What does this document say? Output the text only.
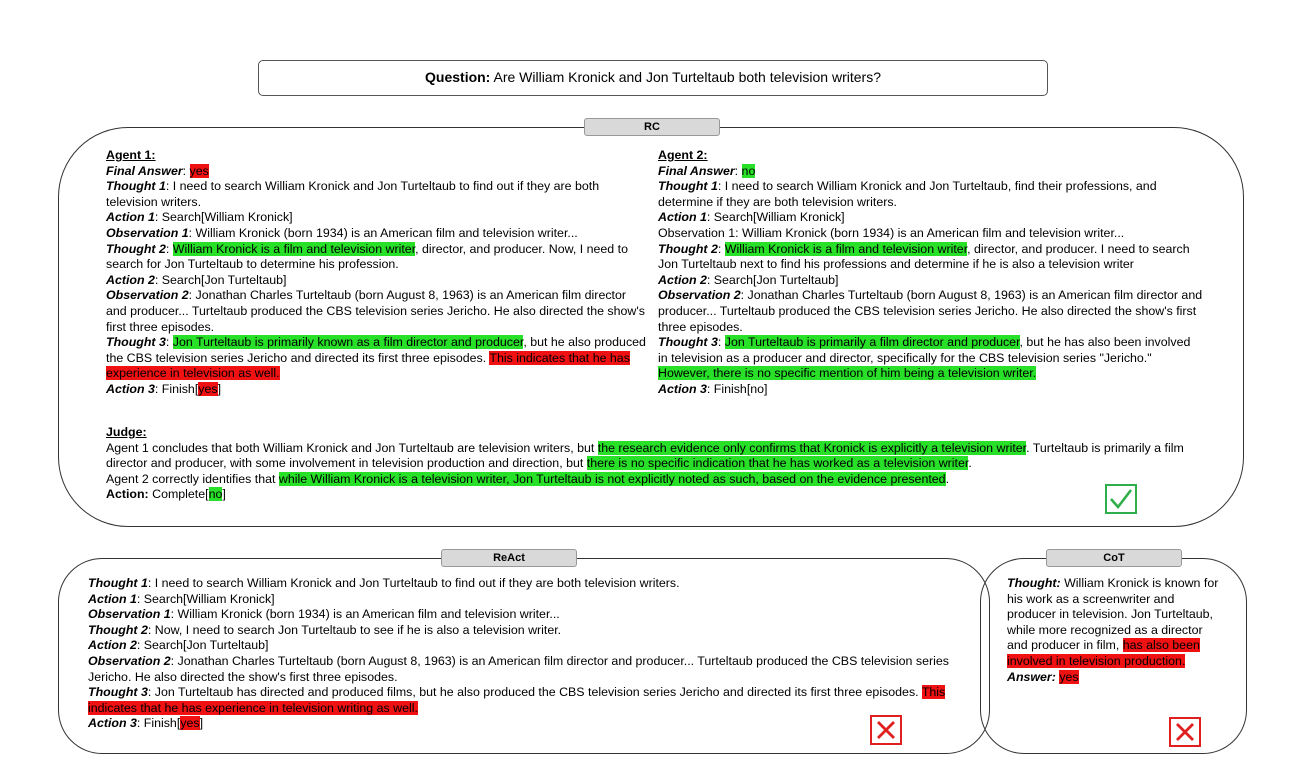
Question: Are William Kronick and Jon Turteltaub both television writers?
RC
Agent 1:
Final Answer: yes
Thought 1: I need to search William Kronick and Jon Turteltaub to find out if they are both television writers.
Action 1: Search[William Kronick]
Observation 1: William Kronick (born 1934) is an American film and television writer...
Thought 2: William Kronick is a film and television writer, director, and producer. Now, I need to search for Jon Turteltaub to determine his profession.
Action 2: Search[Jon Turteltaub]
Observation 2: Jonathan Charles Turteltaub (born August 8, 1963) is an American film director and producer... Turteltaub produced the CBS television series Jericho. He also directed the show's first three episodes.
Thought 3: Jon Turteltaub is primarily known as a film director and producer, but he also produced the CBS television series Jericho and directed its first three episodes. This indicates that he has experience in television as well.
Action 3: Finish[yes]
Agent 2:
Final Answer: no
Thought 1: I need to search William Kronick and Jon Turteltaub, find their professions, and determine if they are both television writers.
Action 1: Search[William Kronick]
Observation 1: William Kronick (born 1934) is an American film and television writer...
Thought 2: William Kronick is a film and television writer, director, and producer. I need to search Jon Turteltaub next to find his professions and determine if he is also a television writer
Action 2: Search[Jon Turteltaub]
Observation 2: Jonathan Charles Turteltaub (born August 8, 1963) is an American film director and producer... Turteltaub produced the CBS television series Jericho. He also directed the show's first three episodes.
Thought 3: Jon Turteltaub is primarily a film director and producer, but he has also been involved in television as a producer and director, specifically for the CBS television series "Jericho." However, there is no specific mention of him being a television writer.
Action 3: Finish[no]
Judge:
Agent 1 concludes that both William Kronick and Jon Turteltaub are television writers, but the research evidence only confirms that Kronick is explicitly a television writer. Turteltaub is primarily a film director and producer, with some involvement in television production and direction, but there is no specific indication that he has worked as a television writer.
Agent 2 correctly identifies that while William Kronick is a television writer, Jon Turteltaub is not explicitly noted as such, based on the evidence presented.
Action: Complete[no]
ReAct
Thought 1: I need to search William Kronick and Jon Turteltaub to find out if they are both television writers.
Action 1: Search[William Kronick]
Observation 1: William Kronick (born 1934) is an American film and television writer...
Thought 2: Now, I need to search Jon Turteltaub to see if he is also a television writer.
Action 2: Search[Jon Turteltaub]
Observation 2: Jonathan Charles Turteltaub (born August 8, 1963) is an American film director and producer... Turteltaub produced the CBS television series Jericho. He also directed the show's first three episodes.
Thought 3: Jon Turteltaub has directed and produced films, but he also produced the CBS television series Jericho and directed its first three episodes. This indicates that he has experience in television writing as well.
Action 3: Finish[yes]
CoT
Thought: William Kronick is known for his work as a screenwriter and producer in television. Jon Turteltaub, while more recognized as a director and producer in film, has also been involved in television production.
Answer: yes
